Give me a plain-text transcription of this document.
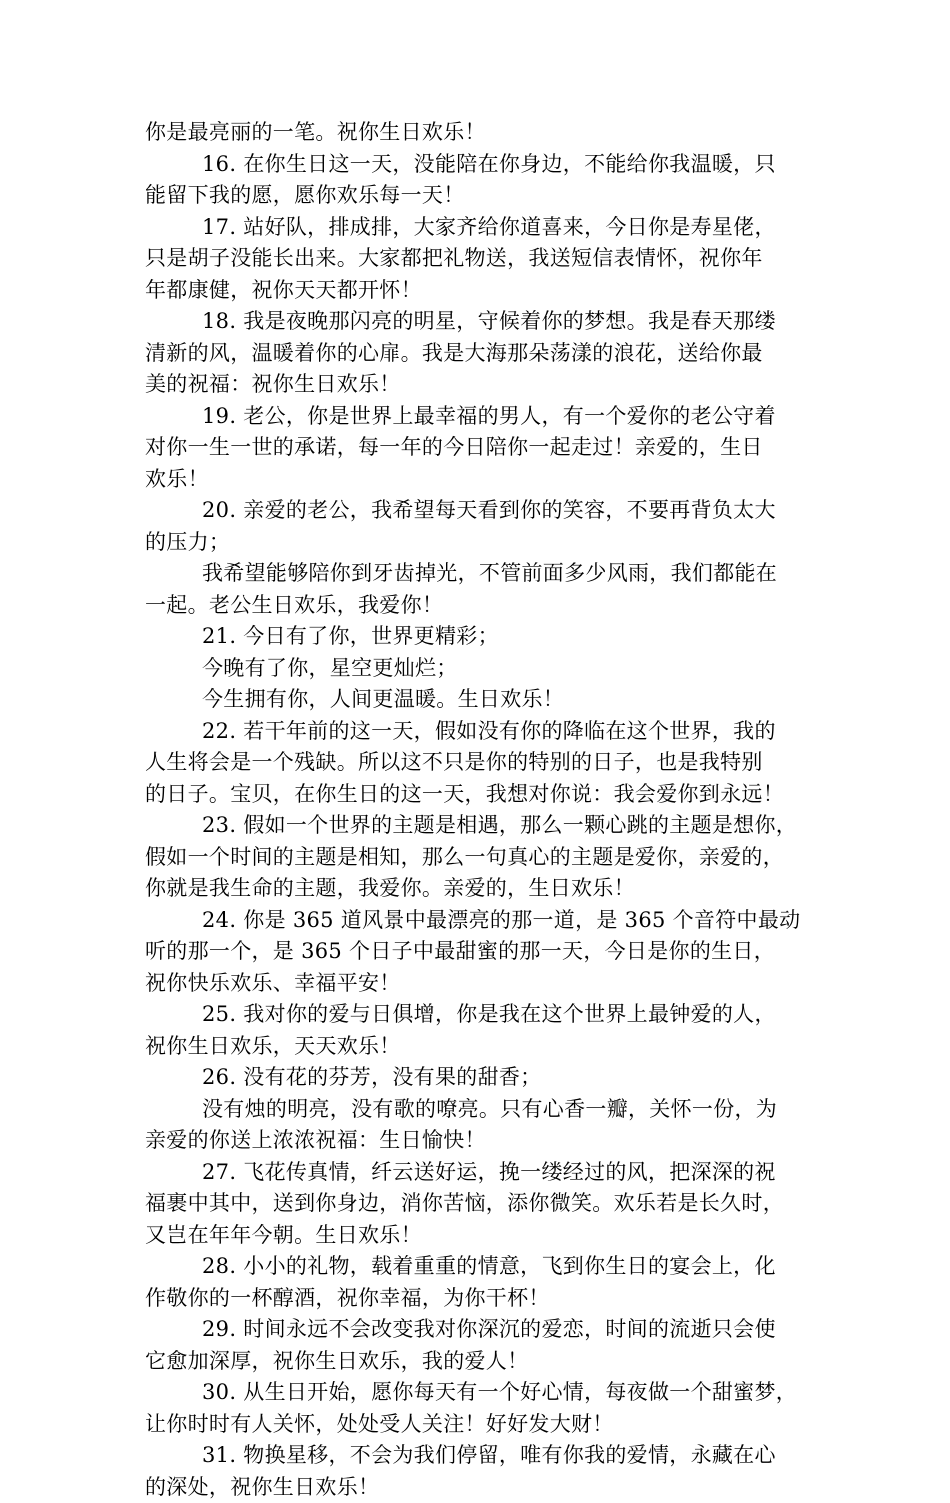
你是最亮丽的一笔。祝你生日欢乐！
16. 在你生日这一天，没能陪在你身边，不能给你我温暖，只
能留下我的愿，愿你欢乐每一天！
17. 站好队，排成排，大家齐给你道喜来，今日你是寿星佬，
只是胡子没能长出来。大家都把礼物送，我送短信表情怀，祝你年
年都康健，祝你天天都开怀！
18. 我是夜晚那闪亮的明星，守候着你的梦想。我是春天那缕
清新的风，温暖着你的心扉。我是大海那朵荡漾的浪花，送给你最
美的祝福：祝你生日欢乐！
19. 老公，你是世界上最幸福的男人，有一个爱你的老公守着
对你一生一世的承诺，每一年的今日陪你一起走过！亲爱的，生日
欢乐！
20. 亲爱的老公，我希望每天看到你的笑容，不要再背负太大
的压力；
我希望能够陪你到牙齿掉光，不管前面多少风雨，我们都能在
一起。老公生日欢乐，我爱你！
21. 今日有了你，世界更精彩；
今晚有了你，星空更灿烂；
今生拥有你，人间更温暖。生日欢乐！
22. 若干年前的这一天，假如没有你的降临在这个世界，我的
人生将会是一个残缺。所以这不只是你的特别的日子，也是我特别
的日子。宝贝，在你生日的这一天，我想对你说：我会爱你到永远！
23. 假如一个世界的主题是相遇，那么一颗心跳的主题是想你，
假如一个时间的主题是相知，那么一句真心的主题是爱你，亲爱的，
你就是我生命的主题，我爱你。亲爱的，生日欢乐！
24. 你是 365 道风景中最漂亮的那一道，是 365 个音符中最动
听的那一个，是 365 个日子中最甜蜜的那一天，今日是你的生日，
祝你快乐欢乐、幸福平安！
25. 我对你的爱与日俱增，你是我在这个世界上最钟爱的人，
祝你生日欢乐，天天欢乐！
26. 没有花的芬芳，没有果的甜香；
没有烛的明亮，没有歌的嘹亮。只有心香一瓣，关怀一份，为
亲爱的你送上浓浓祝福：生日愉快！
27. 飞花传真情，纤云送好运，挽一缕经过的风，把深深的祝
福裹中其中，送到你身边，消你苦恼，添你微笑。欢乐若是长久时，
又岂在年年今朝。生日欢乐！
28. 小小的礼物，载着重重的情意，飞到你生日的宴会上，化
作敬你的一杯醇酒，祝你幸福，为你干杯！
29. 时间永远不会改变我对你深沉的爱恋，时间的流逝只会使
它愈加深厚，祝你生日欢乐，我的爱人！
30. 从生日开始，愿你每天有一个好心情，每夜做一个甜蜜梦，
让你时时有人关怀，处处受人关注！好好发大财！
31. 物换星移，不会为我们停留，唯有你我的爱情，永藏在心
的深处，祝你生日欢乐！
